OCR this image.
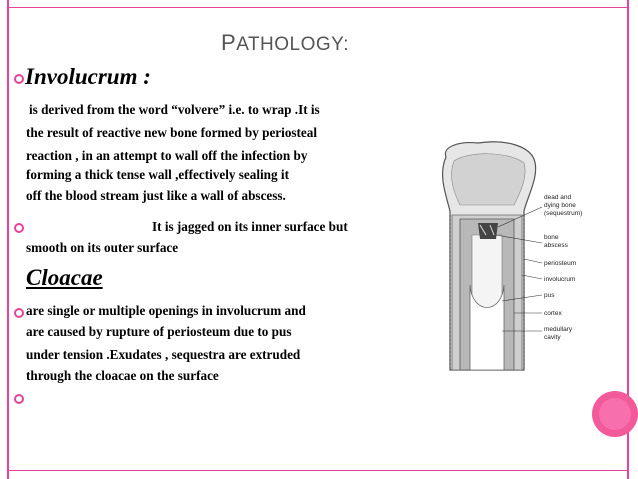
PATHOLOGY:
Involucrum :
is derived from the word “volvere” i.e. to wrap .It is
the result of reactive new bone formed by periosteal
reaction , in an attempt to wall off the infection by
forming a thick tense wall ,effectively sealing it
off the blood stream just like a wall of abscess.
It is jagged on its inner surface but
smooth on its outer surface
Cloacae
are single or multiple openings in involucrum and
are caused by rupture of periosteum due to pus
under tension .Exudates , sequestra are extruded
through the cloacae on the surface
dead and
dying bone
(sequestrum)
bone
abscess
periosteum
involucrum
pus
cortex
medullary
cavity
